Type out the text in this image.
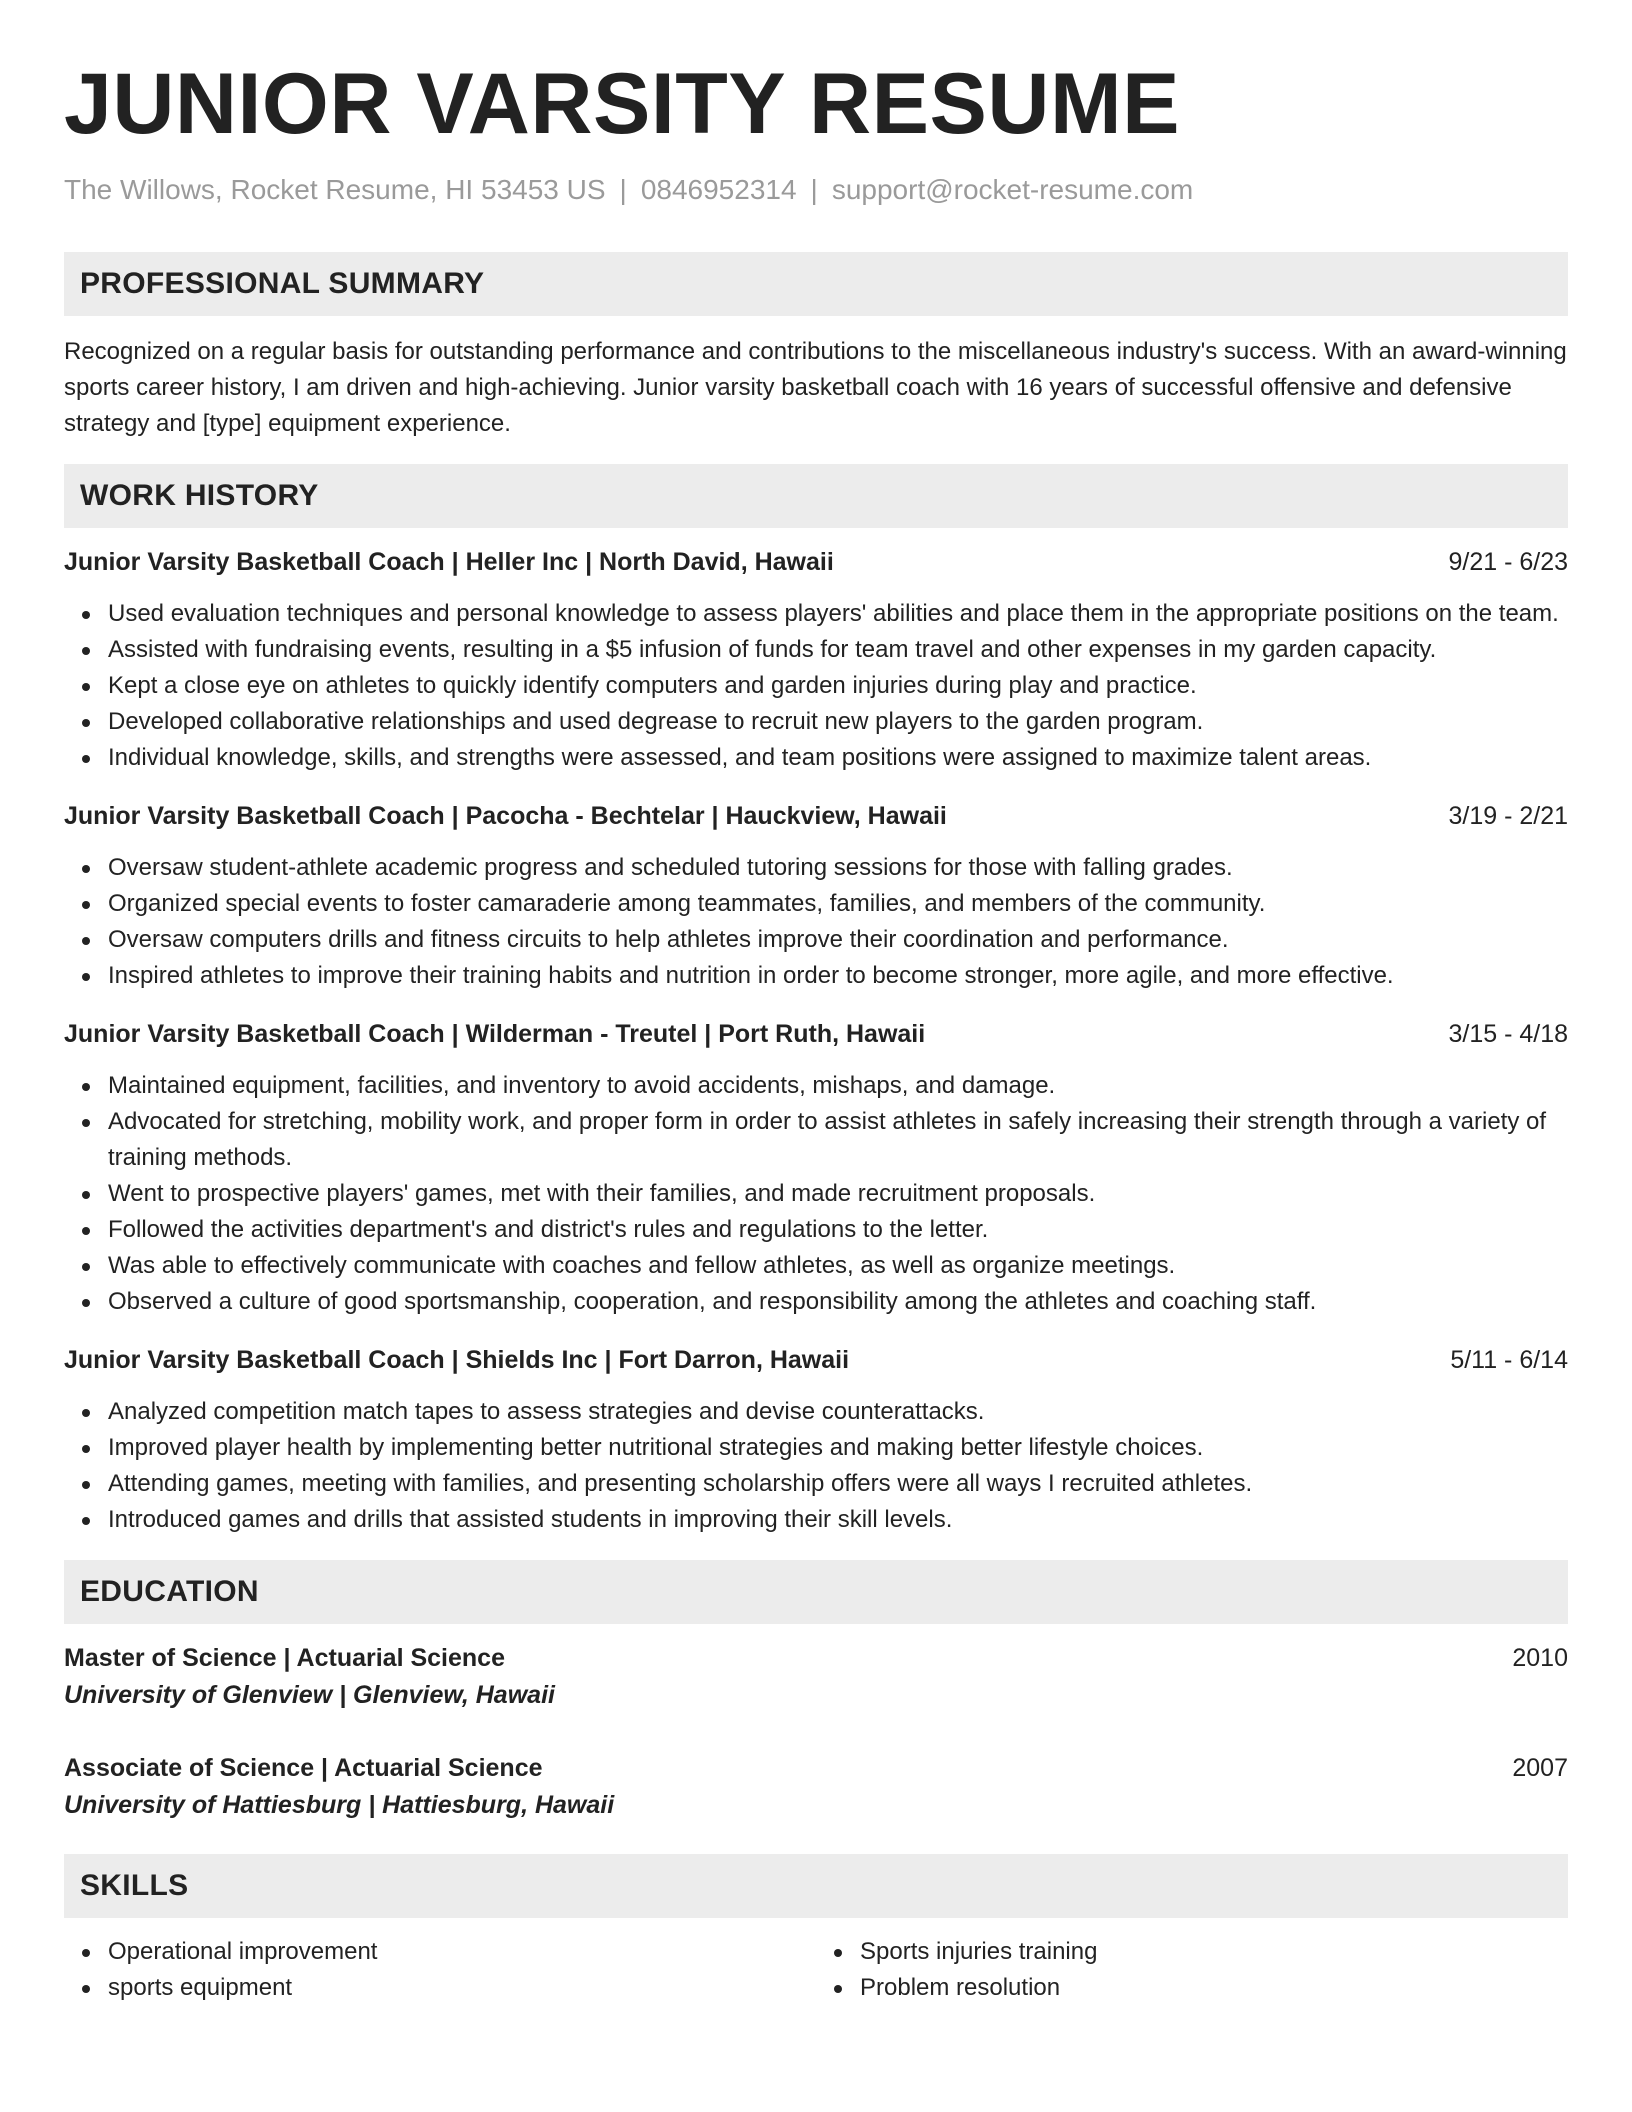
JUNIOR VARSITY RESUME
The Willows, Rocket Resume, HI 53453 US | 0846952314 | support@rocket-resume.com
PROFESSIONAL SUMMARY

Recognized on a regular basis for outstanding performance and contributions to the miscellaneous industry's success. With an award-winning sports career history, I am driven and high-achieving. Junior varsity basketball coach with 16 years of successful offensive and defensive strategy and [type] equipment experience.

WORK HISTORY
Junior Varsity Basketball Coach | Heller Inc | North David, Hawaii	9/21 - 6/23
Used evaluation techniques and personal knowledge to assess players' abilities and place them in the appropriate positions on the team.
Assisted with fundraising events, resulting in a $5 infusion of funds for team travel and other expenses in my garden capacity.
Kept a close eye on athletes to quickly identify computers and garden injuries during play and practice.
Developed collaborative relationships and used degrease to recruit new players to the garden program.
Individual knowledge, skills, and strengths were assessed, and team positions were assigned to maximize talent areas.
Junior Varsity Basketball Coach | Pacocha - Bechtelar | Hauckview, Hawaii	3/19 - 2/21
Oversaw student-athlete academic progress and scheduled tutoring sessions for those with falling grades.
Organized special events to foster camaraderie among teammates, families, and members of the community.
Oversaw computers drills and fitness circuits to help athletes improve their coordination and performance.
Inspired athletes to improve their training habits and nutrition in order to become stronger, more agile, and more effective.
Junior Varsity Basketball Coach | Wilderman - Treutel | Port Ruth, Hawaii	3/15 - 4/18
Maintained equipment, facilities, and inventory to avoid accidents, mishaps, and damage.
Advocated for stretching, mobility work, and proper form in order to assist athletes in safely increasing their strength through a variety of training methods.
Went to prospective players' games, met with their families, and made recruitment proposals.
Followed the activities department's and district's rules and regulations to the letter.
Was able to effectively communicate with coaches and fellow athletes, as well as organize meetings.
Observed a culture of good sportsmanship, cooperation, and responsibility among the athletes and coaching staff.
Junior Varsity Basketball Coach | Shields Inc | Fort Darron, Hawaii	5/11 - 6/14
Analyzed competition match tapes to assess strategies and devise counterattacks.
Improved player health by implementing better nutritional strategies and making better lifestyle choices.
Attending games, meeting with families, and presenting scholarship offers were all ways I recruited athletes.
Introduced games and drills that assisted students in improving their skill levels.
EDUCATION
Master of Science | Actuarial Science	2010
University of Glenview | Glenview, Hawaii
Associate of Science | Actuarial Science	2007
University of Hattiesburg | Hattiesburg, Hawaii
SKILLS
Operational improvement
sports equipment
Sports injuries training
Problem resolution
